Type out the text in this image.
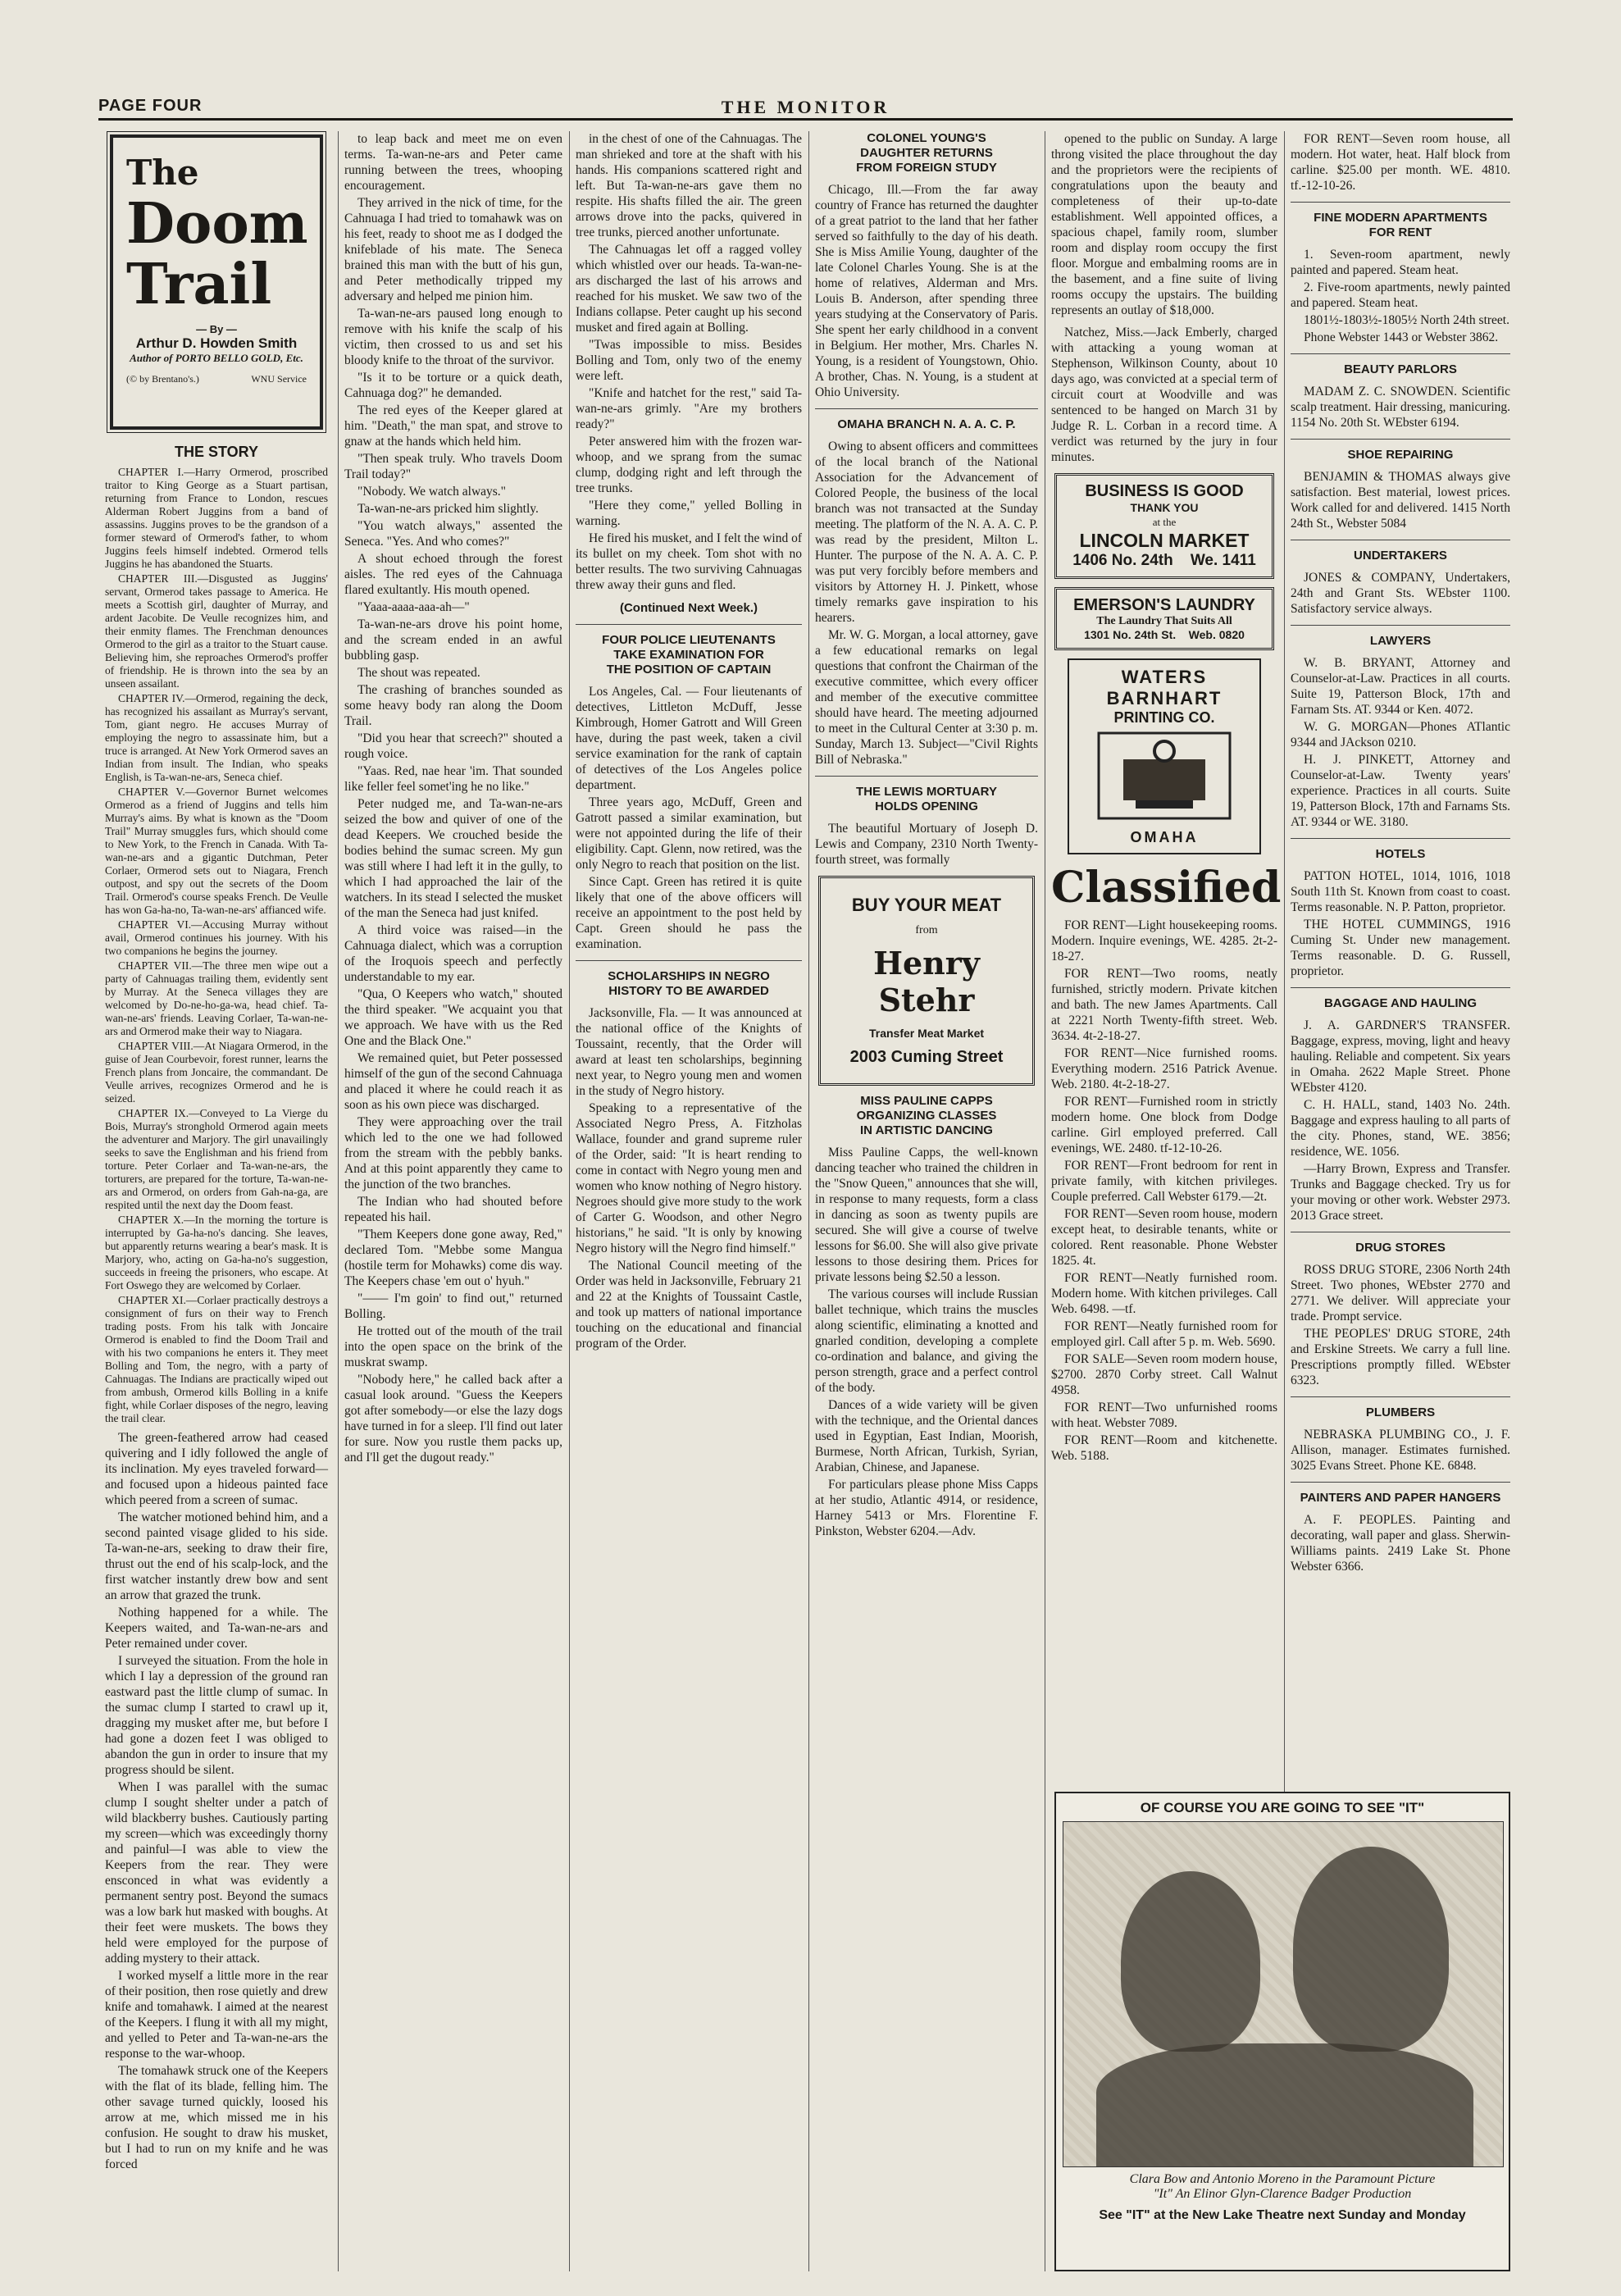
PAGE FOUR	THE MONITOR
The
Doom
Trail
— By —
Arthur D. Howden Smith
Author of PORTO BELLO GOLD, Etc.
(© by Brentano's.)	WNU Service
THE STORY

CHAPTER I.—Harry Ormerod, proscribed traitor to King George as a Stuart partisan, returning from France to London, rescues Alderman Robert Juggins from a band of assassins. Juggins proves to be the grandson of a former steward of Ormerod's father, to whom Juggins feels himself indebted. Ormerod tells Juggins he has abandoned the Stuarts.

CHAPTER III.—Disgusted as Juggins' servant, Ormerod takes passage to America. He meets a Scottish girl, daughter of Murray, and ardent Jacobite. De Veulle recognizes him, and their enmity flames. The Frenchman denounces Ormerod to the girl as a traitor to the Stuart cause. Believing him, she reproaches Ormerod's proffer of friendship. He is thrown into the sea by an unseen assailant.

CHAPTER IV.—Ormerod, regaining the deck, has recognized his assailant as Murray's servant, Tom, giant negro. He accuses Murray of employing the negro to assassinate him, but a truce is arranged. At New York Ormerod saves an Indian from insult. The Indian, who speaks English, is Ta-wan-ne-ars, Seneca chief.

CHAPTER V.—Governor Burnet welcomes Ormerod as a friend of Juggins and tells him Murray's aims. By what is known as the "Doom Trail" Murray smuggles furs, which should come to New York, to the French in Canada. With Ta-wan-ne-ars and a gigantic Dutchman, Peter Corlaer, Ormerod sets out to Niagara, French outpost, and spy out the secrets of the Doom Trail. Ormerod's course speaks French. De Veulle has won Ga-ha-no, Ta-wan-ne-ars' affianced wife.

CHAPTER VI.—Accusing Murray without avail, Ormerod continues his journey. With his two companions he begins the journey.

CHAPTER VII.—The three men wipe out a party of Cahnuagas trailing them, evidently sent by Murray. At the Seneca villages they are welcomed by Do-ne-ho-ga-wa, head chief. Ta-wan-ne-ars' friends. Leaving Corlaer, Ta-wan-ne-ars and Ormerod make their way to Niagara.

CHAPTER VIII.—At Niagara Ormerod, in the guise of Jean Courbevoir, forest runner, learns the French plans from Joncaire, the commandant. De Veulle arrives, recognizes Ormerod and he is seized.

CHAPTER IX.—Conveyed to La Vierge du Bois, Murray's stronghold Ormerod again meets the adventurer and Marjory. The girl unavailingly seeks to save the Englishman and his friend from torture. Peter Corlaer and Ta-wan-ne-ars, the torturers, are prepared for the torture, Ta-wan-ne-ars and Ormerod, on orders from Gah-na-ga, are respited until the next day the Doom feast.

CHAPTER X.—In the morning the torture is interrupted by Ga-ha-no's dancing. She leaves, but apparently returns wearing a bear's mask. It is Marjory, who, acting on Ga-ha-no's suggestion, succeeds in freeing the prisoners, who escape. At Fort Oswego they are welcomed by Corlaer.

CHAPTER XI.—Corlaer practically destroys a consignment of furs on their way to French trading posts. From his talk with Joncaire Ormerod is enabled to find the Doom Trail and with his two companions he enters it. They meet Bolling and Tom, the negro, with a party of Cahnuagas. The Indians are practically wiped out from ambush, Ormerod kills Bolling in a knife fight, while Corlaer disposes of the negro, leaving the trail clear.

The green-feathered arrow had ceased quivering and I idly followed the angle of its inclination. My eyes traveled forward—and focused upon a hideous painted face which peered from a screen of sumac.

The watcher motioned behind him, and a second painted visage glided to his side. Ta-wan-ne-ars, seeking to draw their fire, thrust out the end of his scalp-lock, and the first watcher instantly drew bow and sent an arrow that grazed the trunk.

Nothing happened for a while. The Keepers waited, and Ta-wan-ne-ars and Peter remained under cover.

I surveyed the situation. From the hole in which I lay a depression of the ground ran eastward past the little clump of sumac. In the sumac clump I started to crawl up it, dragging my musket after me, but before I had gone a dozen feet I was obliged to abandon the gun in order to insure that my progress should be silent.

When I was parallel with the sumac clump I sought shelter under a patch of wild blackberry bushes. Cautiously parting my screen—which was exceedingly thorny and painful—I was able to view the Keepers from the rear. They were ensconced in what was evidently a permanent sentry post. Beyond the sumacs was a low bark hut masked with boughs. At their feet were muskets. The bows they held were employed for the purpose of adding mystery to their attack.

I worked myself a little more in the rear of their position, then rose quietly and drew knife and tomahawk. I aimed at the nearest of the Keepers. I flung it with all my might, and yelled to Peter and Ta-wan-ne-ars the response to the war-whoop.

The tomahawk struck one of the Keepers with the flat of its blade, felling him. The other savage turned quickly, loosed his arrow at me, which missed me in his confusion. He sought to draw his musket, but I had to run on my knife and he was forced

to leap back and meet me on even terms. Ta-wan-ne-ars and Peter came running between the trees, whooping encouragement.

They arrived in the nick of time, for the Cahnuaga I had tried to tomahawk was on his feet, ready to shoot me as I dodged the knifeblade of his mate. The Seneca brained this man with the butt of his gun, and Peter methodically tripped my adversary and helped me pinion him.

Ta-wan-ne-ars paused long enough to remove with his knife the scalp of his victim, then crossed to us and set his bloody knife to the throat of the survivor.

"Is it to be torture or a quick death, Cahnuaga dog?" he demanded.

The red eyes of the Keeper glared at him. "Death," the man spat, and strove to gnaw at the hands which held him.

"Then speak truly. Who travels Doom Trail today?"

"Nobody. We watch always."

Ta-wan-ne-ars pricked him slightly.

"You watch always," assented the Seneca. "Yes. And who comes?"

A shout echoed through the forest aisles. The red eyes of the Cahnuaga flared exultantly. His mouth opened.

"Yaaa-aaaa-aaa-ah—"

Ta-wan-ne-ars drove his point home, and the scream ended in an awful bubbling gasp.

The shout was repeated.

The crashing of branches sounded as some heavy body ran along the Doom Trail.

"Did you hear that screech?" shouted a rough voice.

"Yaas. Red, nae hear 'im. That sounded like feller feel somet'ing he no like."

Peter nudged me, and Ta-wan-ne-ars seized the bow and quiver of one of the dead Keepers. We crouched beside the bodies behind the sumac screen. My gun was still where I had left it in the gully, to which I had approached the lair of the watchers. In its stead I selected the musket of the man the Seneca had just knifed.

A third voice was raised—in the Cahnuaga dialect, which was a corruption of the Iroquois speech and perfectly understandable to my ear.

"Qua, O Keepers who watch," shouted the third speaker. "We acquaint you that we approach. We have with us the Red One and the Black One."

We remained quiet, but Peter possessed himself of the gun of the second Cahnuaga and placed it where he could reach it as soon as his own piece was discharged.

They were approaching over the trail which led to the one we had followed from the stream with the pebbly banks. And at this point apparently they came to the junction of the two branches.

The Indian who had shouted before repeated his hail.

"Them Keepers done gone away, Red," declared Tom. "Mebbe some Mangua (hostile term for Mohawks) come dis way. The Keepers chase 'em out o' hyuh."

"—— I'm goin' to find out," returned Bolling.

He trotted out of the mouth of the trail into the open space on the brink of the muskrat swamp.

"Nobody here," he called back after a casual look around. "Guess the Keepers got after somebody—or else the lazy dogs have turned in for a sleep. I'll find out later for sure. Now you rustle them packs up, and I'll get the dugout ready."

in the chest of one of the Cahnuagas. The man shrieked and tore at the shaft with his hands. His companions scattered right and left. But Ta-wan-ne-ars gave them no respite. His shafts filled the air. The green arrows drove into the packs, quivered in tree trunks, pierced another unfortunate.

The Cahnuagas let off a ragged volley which whistled over our heads. Ta-wan-ne-ars discharged the last of his arrows and reached for his musket. We saw two of the Indians collapse. Peter caught up his second musket and fired again at Bolling.

"Twas impossible to miss. Besides Bolling and Tom, only two of the enemy were left.

"Knife and hatchet for the rest," said Ta-wan-ne-ars grimly. "Are my brothers ready?"

Peter answered him with the frozen war-whoop, and we sprang from the sumac clump, dodging right and left through the tree trunks.

"Here they come," yelled Bolling in warning.

He fired his musket, and I felt the wind of its bullet on my cheek. Tom shot with no better results. The two surviving Cahnuagas threw away their guns and fled.

(Continued Next Week.)
FOUR POLICE LIEUTENANTS
TAKE EXAMINATION FOR
THE POSITION OF CAPTAIN

Los Angeles, Cal. — Four lieutenants of detectives, Littleton McDuff, Jesse Kimbrough, Homer Gatrott and Will Green have, during the past week, taken a civil service examination for the rank of captain of detectives of the Los Angeles police department.

Three years ago, McDuff, Green and Gatrott passed a similar examination, but were not appointed during the life of their eligibility. Capt. Glenn, now retired, was the only Negro to reach that position on the list.

Since Capt. Green has retired it is quite likely that one of the above officers will receive an appointment to the post held by Capt. Green should he pass the examination.

SCHOLARSHIPS IN NEGRO
HISTORY TO BE AWARDED

Jacksonville, Fla. — It was announced at the national office of the Knights of Toussaint, recently, that the Order will award at least ten scholarships, beginning next year, to Negro young men and women in the study of Negro history.

Speaking to a representative of the Associated Negro Press, A. Fitzholas Wallace, founder and grand supreme ruler of the Order, said: "It is heart rending to come in contact with Negro young men and women who know nothing of Negro history. Negroes should give more study to the work of Carter G. Woodson, and other Negro historians," he said. "It is only by knowing Negro history will the Negro find himself."

The National Council meeting of the Order was held in Jacksonville, February 21 and 22 at the Knights of Toussaint Castle, and took up matters of national importance touching on the educational and financial program of the Order.

COLONEL YOUNG'S
DAUGHTER RETURNS
FROM FOREIGN STUDY

Chicago, Ill.—From the far away country of France has returned the daughter of a great patriot to the land that her father served so faithfully to the day of his death. She is Miss Amilie Young, daughter of the late Colonel Charles Young. She is at the home of relatives, Alderman and Mrs. Louis B. Anderson, after spending three years studying at the Conservatory of Paris. She spent her early childhood in a convent in Belgium. Her mother, Mrs. Charles N. Young, is a resident of Youngstown, Ohio. A brother, Chas. N. Young, is a student at Ohio University.

OMAHA BRANCH N. A. A. C. P.

Owing to absent officers and committees of the local branch of the National Association for the Advancement of Colored People, the business of the local branch was not transacted at the Sunday meeting. The platform of the N. A. A. C. P. was read by the president, Milton L. Hunter. The purpose of the N. A. A. C. P. was put very forcibly before members and visitors by Attorney H. J. Pinkett, whose timely remarks gave inspiration to his hearers.

Mr. W. G. Morgan, a local attorney, gave a few educational remarks on legal questions that confront the Chairman of the executive committee, which every officer and member of the executive committee should have heard. The meeting adjourned to meet in the Cultural Center at 3:30 p. m. Sunday, March 13. Subject—"Civil Rights Bill of Nebraska."

THE LEWIS MORTUARY
HOLDS OPENING

The beautiful Mortuary of Joseph D. Lewis and Company, 2310 North Twenty-fourth street, was formally

BUY YOUR MEAT
from
Henry Stehr
Transfer Meat Market
2003 Cuming Street
MISS PAULINE CAPPS
ORGANIZING CLASSES
IN ARTISTIC DANCING

Miss Pauline Capps, the well-known dancing teacher who trained the children in the "Snow Queen," announces that she will, in response to many requests, form a class in dancing as soon as twenty pupils are secured. She will give a course of twelve lessons for $6.00. She will also give private lessons to those desiring them. Prices for private lessons being $2.50 a lesson.

The various courses will include Russian ballet technique, which trains the muscles along scientific, eliminating a knotted and gnarled condition, developing a complete co-ordination and balance, and giving the person strength, grace and a perfect control of the body.

Dances of a wide variety will be given with the technique, and the Oriental dances used in Egyptian, East Indian, Moorish, Burmese, North African, Turkish, Syrian, Arabian, Chinese, and Japanese.

For particulars please phone Miss Capps at her studio, Atlantic 4914, or residence, Harney 5413 or Mrs. Florentine F. Pinkston, Webster 6204.—Adv.

opened to the public on Sunday. A large throng visited the place throughout the day and the proprietors were the recipients of congratulations upon the beauty and completeness of their up-to-date establishment. Well appointed offices, a spacious chapel, family room, slumber room and display room occupy the first floor. Morgue and embalming rooms are in the basement, and a fine suite of living rooms occupy the upstairs. The building represents an outlay of $18,000.

Natchez, Miss.—Jack Emberly, charged with attacking a young woman at Stephenson, Wilkinson County, about 10 days ago, was convicted at a special term of circuit court at Woodville and was sentenced to be hanged on March 31 by Judge R. L. Corban in a record time. A verdict was returned by the jury in four minutes.

BUSINESS IS GOOD
THANK YOU
at the
LINCOLN MARKET
1406 No. 24th    We. 1411
EMERSON'S LAUNDRY
The Laundry That Suits All
1301 No. 24th St.    Web. 0820
WATERS
BARNHART
PRINTING CO.
OMAHA
Classified

FOR RENT—Light housekeeping rooms. Modern. Inquire evenings, WE. 4285. 2t-2-18-27.

FOR RENT—Two rooms, neatly furnished, strictly modern. Private kitchen and bath. The new James Apartments. Call at 2221 North Twenty-fifth street. Web. 3634. 4t-2-18-27.

FOR RENT—Nice furnished rooms. Everything modern. 2516 Patrick Avenue. Web. 2180. 4t-2-18-27.

FOR RENT—Furnished room in strictly modern home. One block from Dodge carline. Girl employed preferred. Call evenings, WE. 2480. tf-12-10-26.

FOR RENT—Front bedroom for rent in private family, with kitchen privileges. Couple preferred. Call Webster 6179.—2t.

FOR RENT—Seven room house, modern except heat, to desirable tenants, white or colored. Rent reasonable. Phone Webster 1825. 4t.

FOR RENT—Neatly furnished room. Modern home. With kitchen privileges. Call Web. 6498. —tf.

FOR RENT—Neatly furnished room for employed girl. Call after 5 p. m. Web. 5690.

FOR SALE—Seven room modern house, $2700. 2870 Corby street. Call Walnut 4958.

FOR RENT—Two unfurnished rooms with heat. Webster 7089.

FOR RENT—Room and kitchenette. Web. 5188.

FOR RENT—Seven room house, all modern. Hot water, heat. Half block from carline. $25.00 per month. WE. 4810. tf.-12-10-26.

FINE MODERN APARTMENTS
FOR RENT

1. Seven-room apartment, newly painted and papered. Steam heat.

2. Five-room apartments, newly painted and papered. Steam heat.

1801½-1803½-1805½ North 24th street.

Phone Webster 1443 or Webster 3862.

BEAUTY PARLORS

MADAM Z. C. SNOWDEN. Scientific scalp treatment. Hair dressing, manicuring. 1154 No. 20th St. WEbster 6194.

SHOE REPAIRING

BENJAMIN & THOMAS always give satisfaction. Best material, lowest prices. Work called for and delivered. 1415 North 24th St., Webster 5084

UNDERTAKERS

JONES & COMPANY, Undertakers, 24th and Grant Sts. WEbster 1100. Satisfactory service always.

LAWYERS

W. B. BRYANT, Attorney and Counselor-at-Law. Practices in all courts. Suite 19, Patterson Block, 17th and Farnam Sts. AT. 9344 or Ken. 4072.

W. G. MORGAN—Phones ATlantic 9344 and JAckson 0210.

H. J. PINKETT, Attorney and Counselor-at-Law. Twenty years' experience. Practices in all courts. Suite 19, Patterson Block, 17th and Farnams Sts. AT. 9344 or WE. 3180.

HOTELS

PATTON HOTEL, 1014, 1016, 1018 South 11th St. Known from coast to coast. Terms reasonable. N. P. Patton, proprietor.

THE HOTEL CUMMINGS, 1916 Cuming St. Under new management. Terms reasonable. D. G. Russell, proprietor.

BAGGAGE AND HAULING

J. A. GARDNER'S TRANSFER. Baggage, express, moving, light and heavy hauling. Reliable and competent. Six years in Omaha. 2622 Maple Street. Phone WEbster 4120.

C. H. HALL, stand, 1403 No. 24th. Baggage and express hauling to all parts of the city. Phones, stand, WE. 3856; residence, WE. 1056.

—Harry Brown, Express and Transfer. Trunks and Baggage checked. Try us for your moving or other work. Webster 2973. 2013 Grace street.

DRUG STORES

ROSS DRUG STORE, 2306 North 24th Street. Two phones, WEbster 2770 and 2771. We deliver. Will appreciate your trade. Prompt service.

THE PEOPLES' DRUG STORE, 24th and Erskine Streets. We carry a full line. Prescriptions promptly filled. WEbster 6323.

PLUMBERS

NEBRASKA PLUMBING CO., J. F. Allison, manager. Estimates furnished. 3025 Evans Street. Phone KE. 6848.

PAINTERS AND PAPER HANGERS

A. F. PEOPLES. Painting and decorating, wall paper and glass. Sherwin-Williams paints. 2419 Lake St. Phone Webster 6366.

OF COURSE YOU ARE GOING TO SEE "IT"
Clara Bow and Antonio Moreno in the Paramount Picture
"It" An Elinor Glyn-Clarence Badger Production
See "IT" at the New Lake Theatre next Sunday and Monday
